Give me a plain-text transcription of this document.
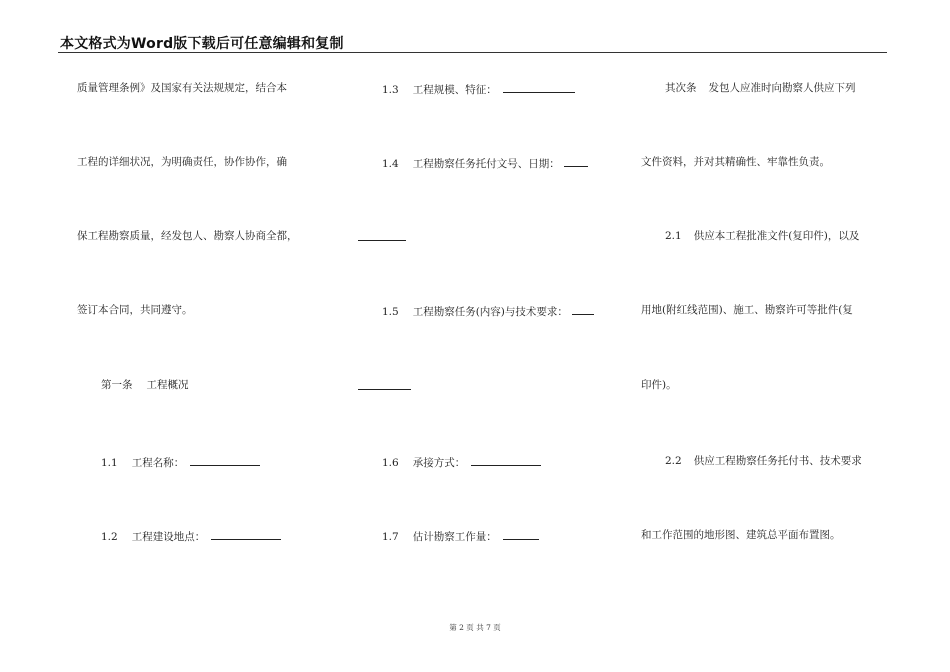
本文格式为Word版下载后可任意编辑和复制
质量管理条例》及国家有关法规规定，结合本
工程的详细状况，为明确责任，协作协作，确
保工程勘察质量，经发包人、勘察人协商全都，
签订本合同，共同遵守。
第一条 工程概况
1.1 工程名称：
1.2 工程建设地点：
1.3 工程规模、特征：
1.4 工程勘察任务托付文号、日期：
1.5 工程勘察任务(内容)与技术要求：
1.6 承接方式：
1.7 估计勘察工作量：
其次条 发包人应准时向勘察人供应下列
文件资料，并对其精确性、牢靠性负责。
2.1 供应本工程批准文件(复印件)，以及
用地(附红线范围)、施工、勘察许可等批件(复
印件)。
2.2 供应工程勘察任务托付书、技术要求
和工作范围的地形图、建筑总平面布置图。
第 2 页 共 7 页
